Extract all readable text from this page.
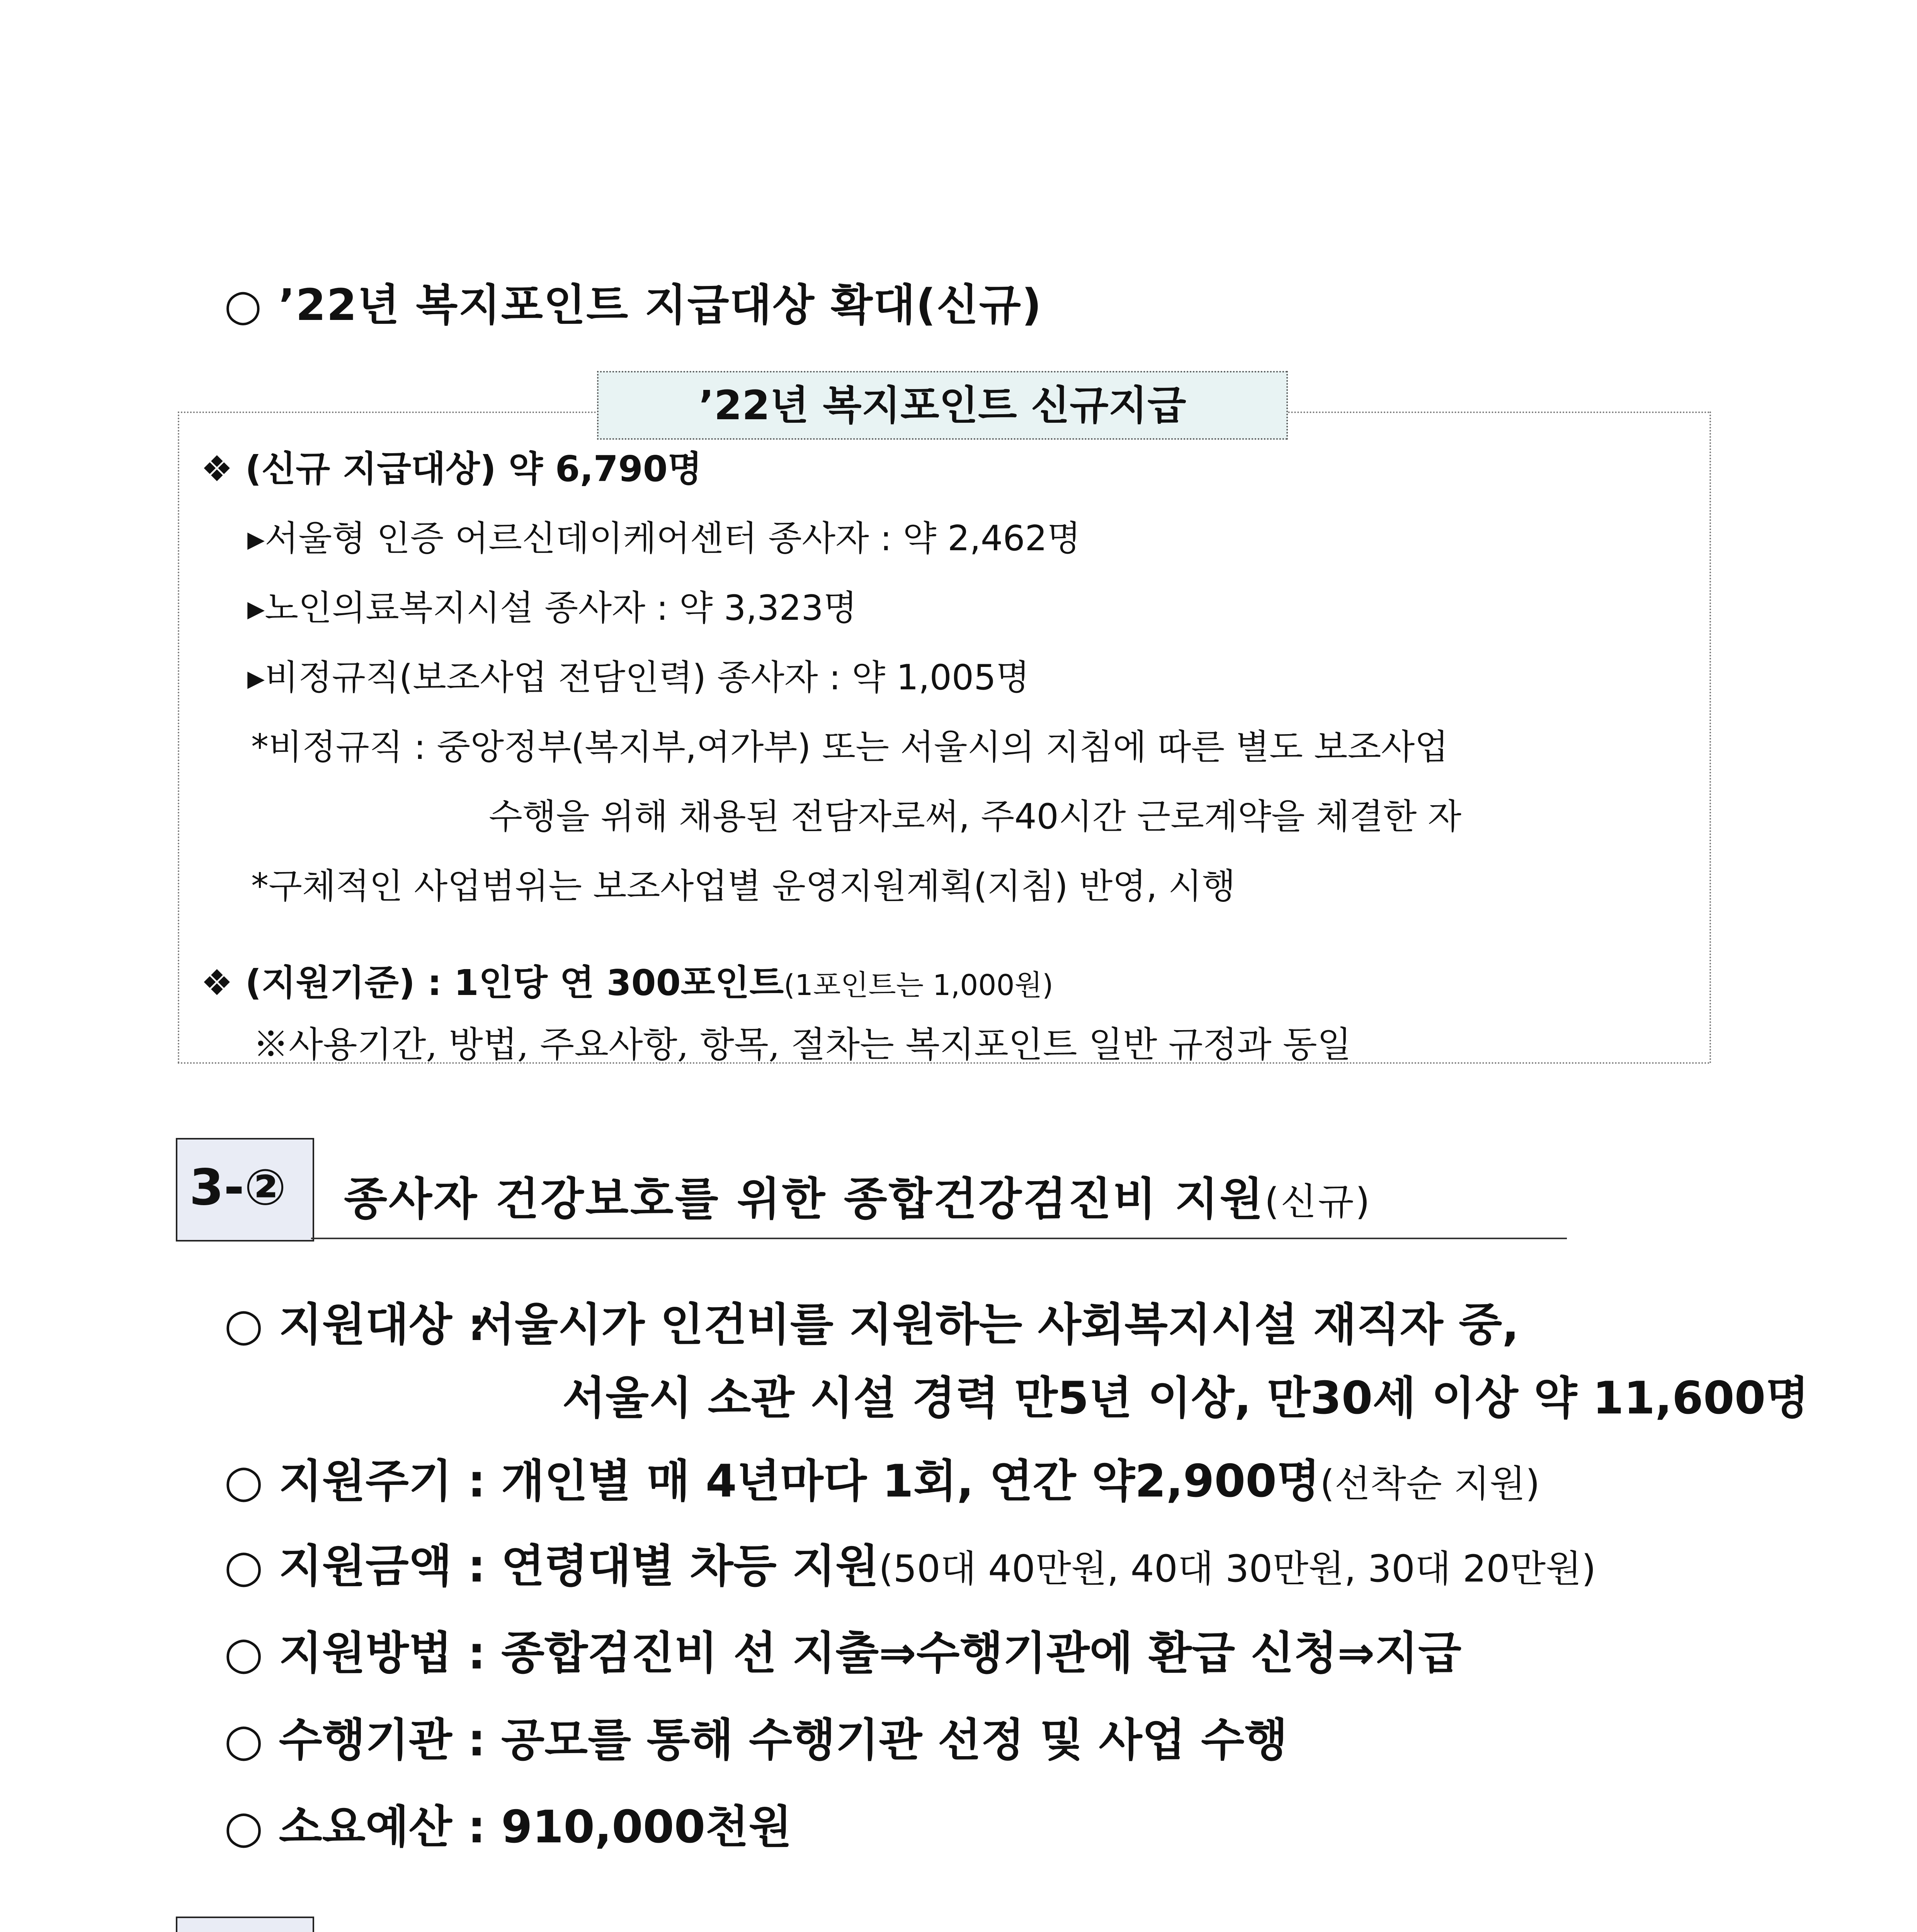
○ ’22년 복지포인트 지급대상 확대(신규)
’22년 복지포인트 신규지급
❖ (신규 지급대상) 약 6,790명
▸서울형 인증 어르신데이케어센터 종사자 : 약 2,462명
▸노인의료복지시설 종사자 : 약 3,323명
▸비정규직(보조사업 전담인력) 종사자 : 약 1,005명
*비정규직 : 중앙정부(복지부,여가부) 또는 서울시의 지침에 따른 별도 보조사업
수행을 위해 채용된 전담자로써, 주40시간 근로계약을 체결한 자
*구체적인 사업범위는 보조사업별 운영지원계획(지침) 반영, 시행
❖ (지원기준) : 1인당 연 300포인트(1포인트는 1,000원)
※사용기간, 방법, 주요사항, 항목, 절차는 복지포인트 일반 규정과 동일
3-② 종사자 건강보호를 위한 종합건강검진비 지원(신규)
○ 지원대상 :서울시가 인건비를 지원하는 사회복지시설 재직자 중,
서울시 소관 시설 경력 만5년 이상, 만30세 이상 약 11,600명
○ 지원주기 : 개인별 매 4년마다 1회, 연간 약2,900명(선착순 지원)
○ 지원금액 : 연령대별 차등 지원(50대 40만원, 40대 30만원, 30대 20만원)
○ 지원방법 : 종합검진비 선 지출⇒수행기관에 환급 신청⇒지급
○ 수행기관 : 공모를 통해 수행기관 선정 및 사업 수행
○ 소요예산 : 910,000천원
